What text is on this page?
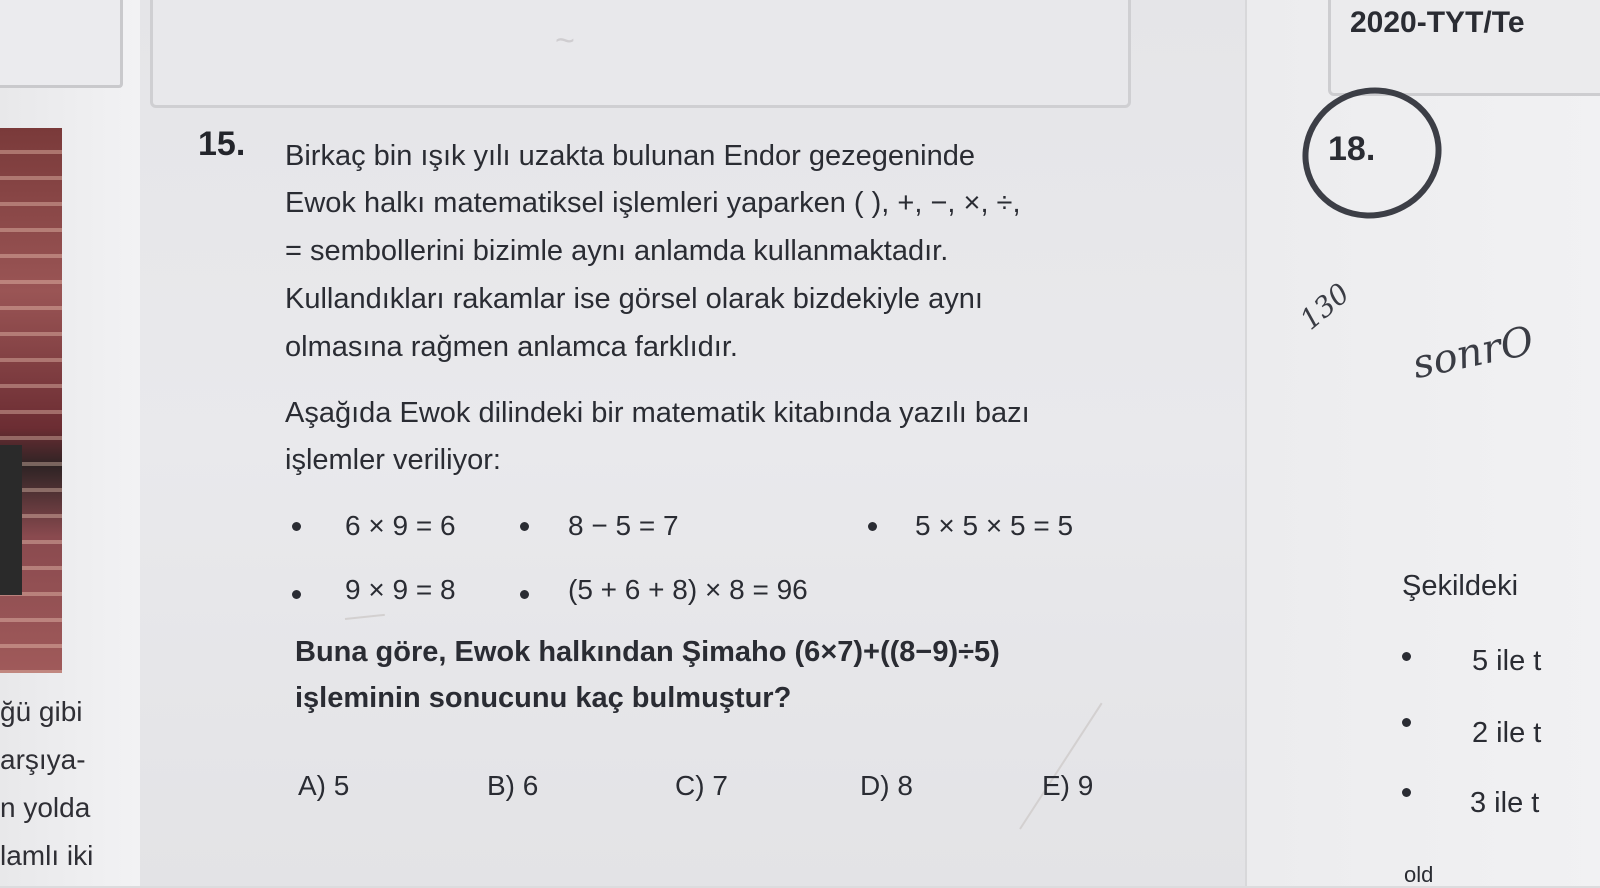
ğü gibi
arşıya-
n yolda
lamlı iki
~
15. Birkaç bin ışık yılı uzakta bulunan Endor gezegeninde
Ewok halkı matematiksel işlemleri yaparken ( ), +, −, ×, ÷,
= sembollerini bizimle aynı anlamda kullanmaktadır.
Kullandıkları rakamlar ise görsel olarak bizdekiyle aynı
olmasına rağmen anlamca farklıdır.
Aşağıda Ewok dilindeki bir matematik kitabında yazılı bazı
işlemler veriliyor:
6 × 9 = 6	8 − 5 = 7	5 × 5 × 5 = 5
9 × 9 = 8	(5 + 6 + 8) × 8 = 96
Buna göre, Ewok halkından Şimaho (6×7)+((8−9)÷5)
işleminin sonucunu kaç bulmuştur?
A) 5	B) 6	C) 7	D) 8	E) 9
2020-TYT/Te
18.
sonrO
130
Şekildeki
5 ile t
2 ile t
3 ile t
old
